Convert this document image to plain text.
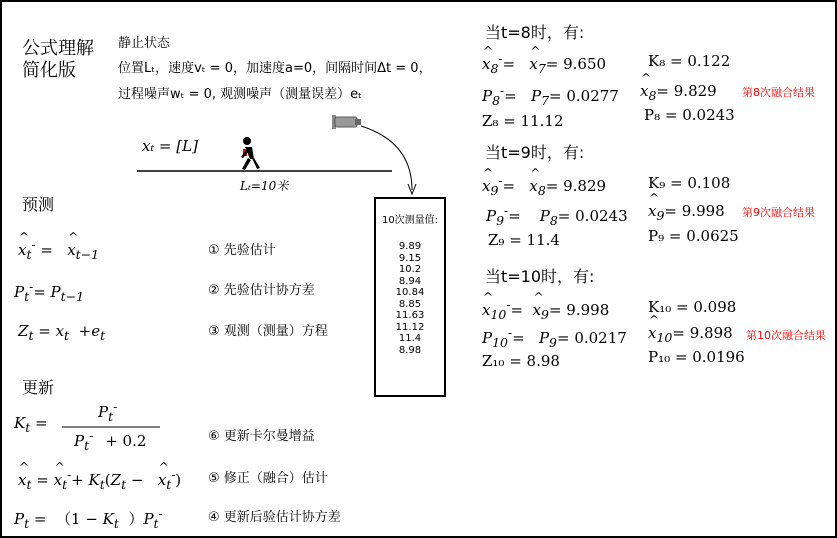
公式理解
简化版
静止状态
位置Lₜ，速度vₜ = 0，加速度a=0，间隔时间Δt = 0，
过程噪声wₜ = 0, 观测噪声（测量误差）eₜ
xₜ = [L]
Lₜ=10米
10次测量值:
9.89
9.15
10.2
8.94
10.84
8.85
11.63
11.12
11.4
8.98
预测
^ $x_t^-$ =   ^ $x_{t-1}$	① 先验估计
$P_t^-= P_{t-1}$	② 先验估计协方差
$Z_t = x_t +e_t$	③ 观测（测量）方程
更新
$K_t$ =
$P_t^-$
$P_t^- + 0.2$	⑥ 更新卡尔曼增益
^ $x_t$ = ^ $x_t^-+ K_t(Z_t$ −   ^ $x_t^-$) ⑤ 修正（融合）估计
$P_t = (1 - K_t$  ）$P_t^-$	④ 更新后验估计协方差
当t=8时，有:
^ $x_8^-=$   ^ $x_7= 9.650$	K₈ = 0.122
$P_8^-= P_7= 0.0277$ ^ $x_8= 9.829$ 第8次融合结果
Z₈ = 11.12	P₈ = 0.0243
当t=9时，有:
^ $x_9^-=$   ^ $x_8= 9.829$	K₉ = 0.108
$P_9^-=$    $P_8= 0.0243$ ^ $x_9= 9.998$ 第9次融合结果
Z₉ = 11.4	P₉ = 0.0625
当t=10时，有:
^ $x_{10}^-=$  ^ $x_9= 9.998$	K₁₀ = 0.098
$P_{10}^-= P_9= 0.0217$ ^ $x_{10}= 9.898$ 第10次融合结果
Z₁₀ = 8.98	P₁₀ = 0.0196
